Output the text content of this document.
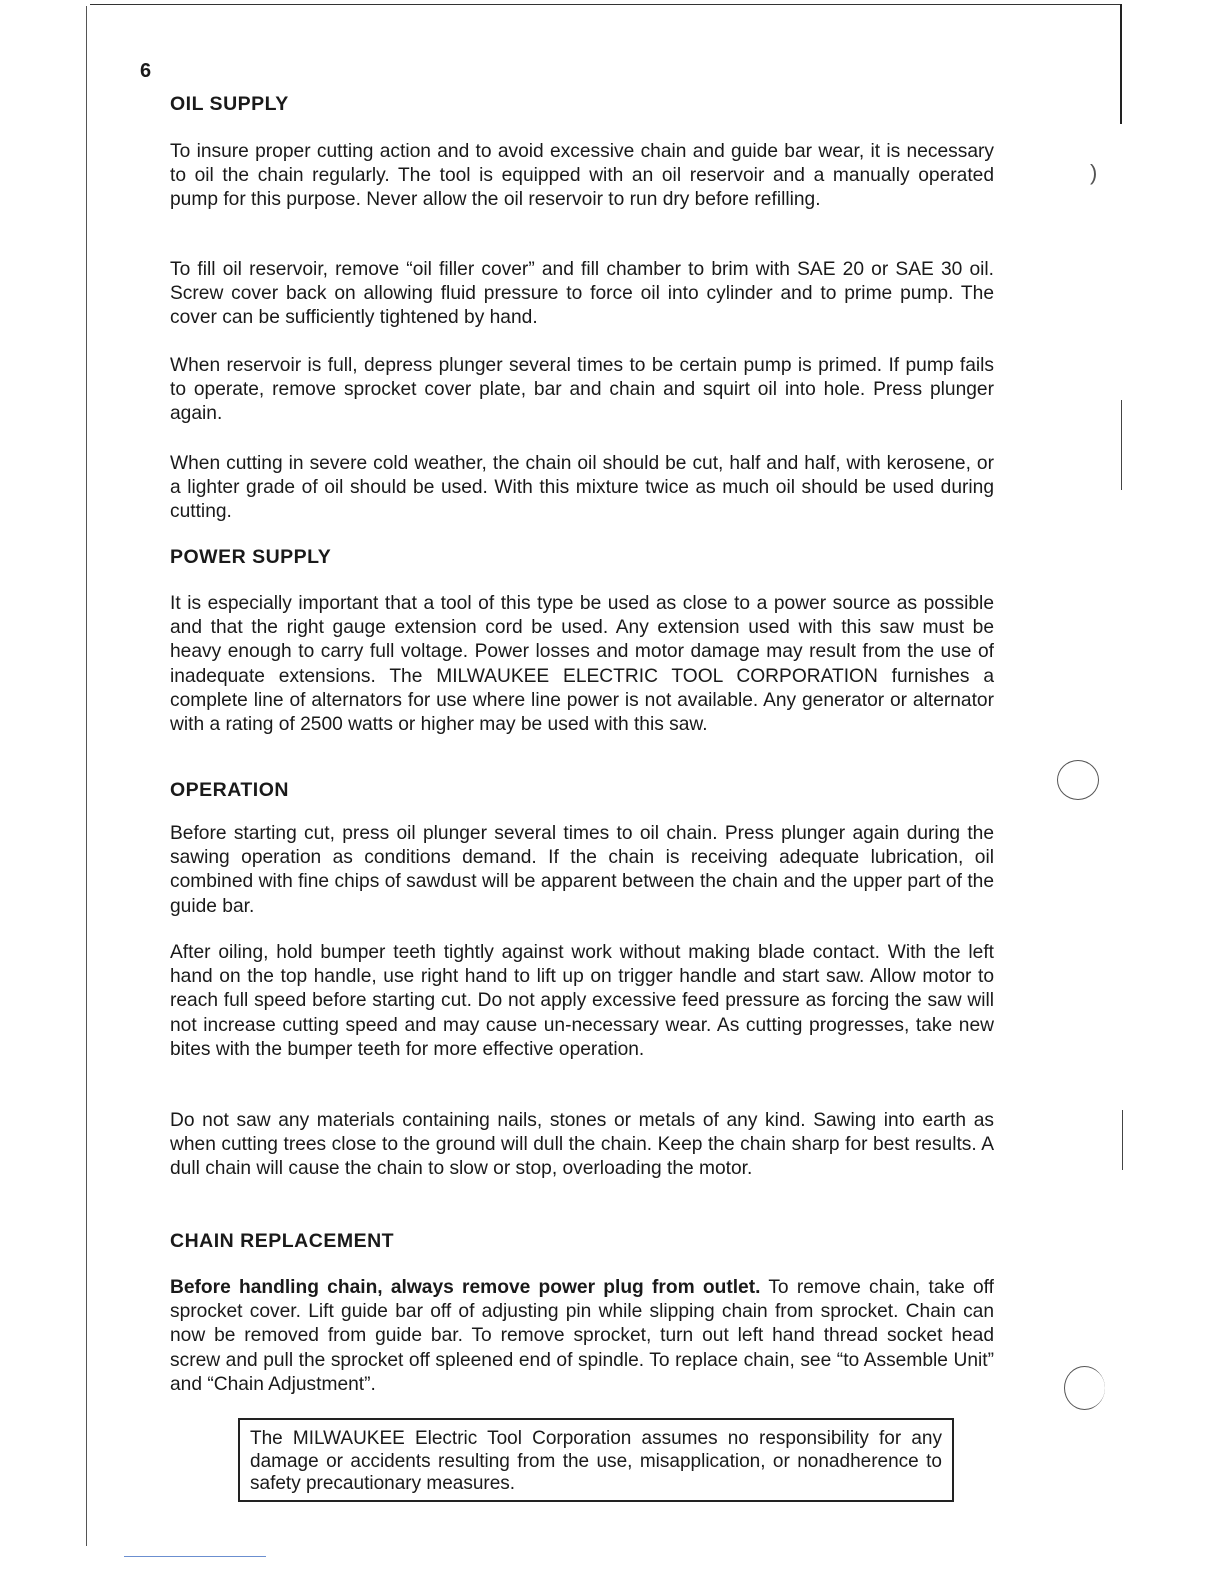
)
6
OIL SUPPLY
To insure proper cutting action and to avoid excessive chain and guide bar wear, it is necessary to oil the chain regularly. The tool is equipped with an oil reservoir and a manually operated pump for this purpose. Never allow the oil reservoir to run dry before refilling.
To fill oil reservoir, remove “oil filler cover” and fill chamber to brim with SAE 20 or SAE 30 oil. Screw cover back on allowing fluid pressure to force oil into cylinder and to prime pump. The cover can be sufficiently tightened by hand.
When reservoir is full, depress plunger several times to be certain pump is primed. If pump fails to operate, remove sprocket cover plate, bar and chain and squirt oil into hole. Press plunger again.
When cutting in severe cold weather, the chain oil should be cut, half and half, with kerosene, or a lighter grade of oil should be used. With this mixture twice as much oil should be used during cutting.
POWER SUPPLY
It is especially important that a tool of this type be used as close to a power source as possible and that the right gauge extension cord be used. Any extension used with this saw must be heavy enough to carry full voltage. Power losses and motor damage may result from the use of inadequate extensions. The MILWAUKEE ELECTRIC TOOL CORPORATION furnishes a complete line of alternators for use where line power is not available. Any generator or alternator with a rating of 2500 watts or higher may be used with this saw.
OPERATION
Before starting cut, press oil plunger several times to oil chain. Press plunger again during the sawing operation as conditions demand. If the chain is receiving adequate lubrication, oil combined with fine chips of sawdust will be apparent between the chain and the upper part of the guide bar.
After oiling, hold bumper teeth tightly against work without making blade contact. With the left hand on the top handle, use right hand to lift up on trigger handle and start saw. Allow motor to reach full speed before starting cut. Do not apply excessive feed pressure as forcing the saw will not increase cutting speed and may cause un-necessary wear. As cutting progresses, take new bites with the bumper teeth for more effective operation.
Do not saw any materials containing nails, stones or metals of any kind. Sawing into earth as when cutting trees close to the ground will dull the chain. Keep the chain sharp for best results. A dull chain will cause the chain to slow or stop, overloading the motor.
CHAIN REPLACEMENT
Before handling chain, always remove power plug from outlet. To remove chain, take off sprocket cover. Lift guide bar off of adjusting pin while slipping chain from sprocket. Chain can now be removed from guide bar. To remove sprocket, turn out left hand thread socket head screw and pull the sprocket off spleened end of spindle. To replace chain, see “to Assemble Unit” and “Chain Adjustment”.
The MILWAUKEE Electric Tool Corporation assumes no responsibility for any damage or accidents resulting from the use, misapplication, or nonadherence to safety precautionary measures.
